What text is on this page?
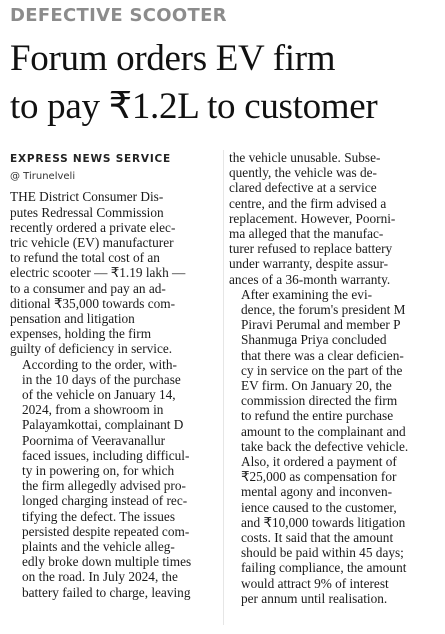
DEFECTIVE SCOOTER
Forum orders EV firm
to pay ₹1.2L to customer
EXPRESS NEWS SERVICE
@ Tirunelveli

THE District Consumer Dis-
putes Redressal Commission
recently ordered a private elec-
tric vehicle (EV) manufacturer
to refund the total cost of an
electric scooter — ₹1.19 lakh —
to a consumer and pay an ad-
ditional ₹35,000 towards com-
pensation and litigation
expenses, holding the firm
guilty of deficiency in service.

According to the order, with-
in the 10 days of the purchase
of the vehicle on January 14,
2024, from a showroom in
Palayamkottai, complainant D
Poornima of Veeravanallur
faced issues, including difficul-
ty in powering on, for which
the firm allegedly advised pro-
longed charging instead of rec-
tifying the defect. The issues
persisted despite repeated com-
plaints and the vehicle alleg-
edly broke down multiple times
on the road. In July 2024, the
battery failed to charge, leaving

the vehicle unusable. Subse-
quently, the vehicle was de-
clared defective at a service
centre, and the firm advised a
replacement. However, Poorni-
ma alleged that the manufac-
turer refused to replace battery
under warranty, despite assur-
ances of a 36-month warranty.

After examining the evi-
dence, the forum's president M
Piravi Perumal and member P
Shanmuga Priya concluded
that there was a clear deficien-
cy in service on the part of the
EV firm. On January 20, the
commission directed the firm
to refund the entire purchase
amount to the complainant and
take back the defective vehicle.
Also, it ordered a payment of
₹25,000 as compensation for
mental agony and inconven-
ience caused to the customer,
and ₹10,000 towards litigation
costs. It said that the amount
should be paid within 45 days;
failing compliance, the amount
would attract 9% of interest
per annum until realisation.
